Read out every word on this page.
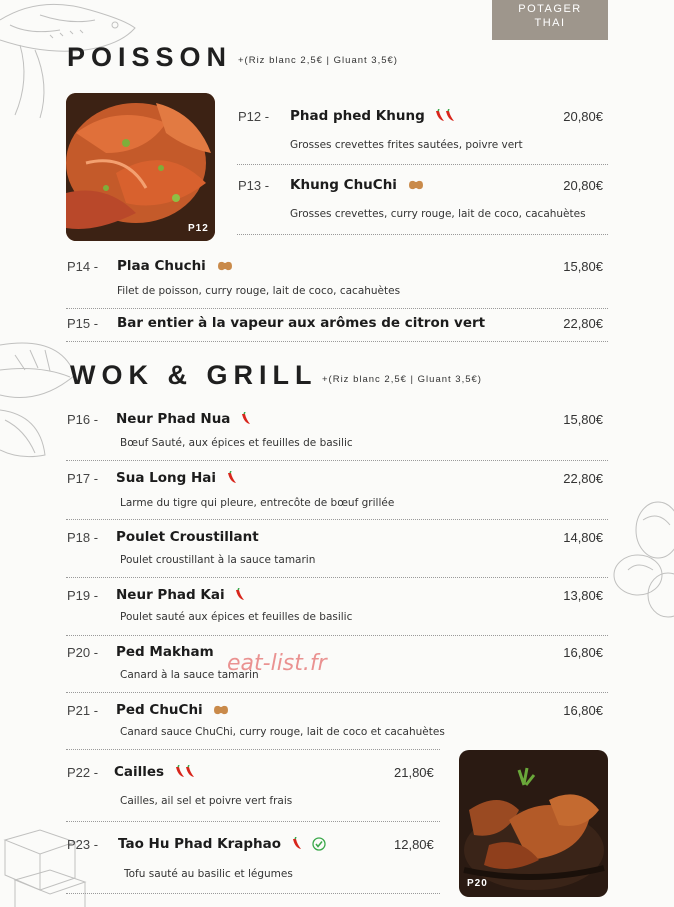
POTAGER
THAI
POISSON +(Riz blanc 2,5€ | Gluant 3,5€)
P12
P12 - Phad phed Khung	20,80€
Grosses crevettes frites sautées, poivre vert
P13 - Khung ChuChi	20,80€
Grosses crevettes, curry rouge, lait de coco, cacahuètes
P14 - Plaa Chuchi	15,80€
Filet de poisson, curry rouge, lait de coco, cacahuètes
P15 - Bar entier à la vapeur aux arômes de citron vert	22,80€
WOK & GRILL +(Riz blanc 2,5€ | Gluant 3,5€)
P16 - Neur Phad Nua	15,80€
Bœuf Sauté, aux épices et feuilles de basilic
P17 - Sua Long Hai	22,80€
Larme du tigre qui pleure, entrecôte de bœuf grillée
P18 - Poulet Croustillant	14,80€
Poulet croustillant à la sauce tamarin
P19 - Neur Phad Kai	13,80€
Poulet sauté aux épices et feuilles de basilic
P20 - Ped Makham	16,80€
Canard à la sauce tamarin
eat-list.fr
P21 - Ped ChuChi	16,80€
Canard sauce ChuChi, curry rouge, lait de coco et cacahuètes
P20
P22 - Cailles	21,80€
Cailles, ail sel et poivre vert frais
P23 - Tao Hu Phad Kraphao	12,80€
Tofu sauté au basilic et légumes
